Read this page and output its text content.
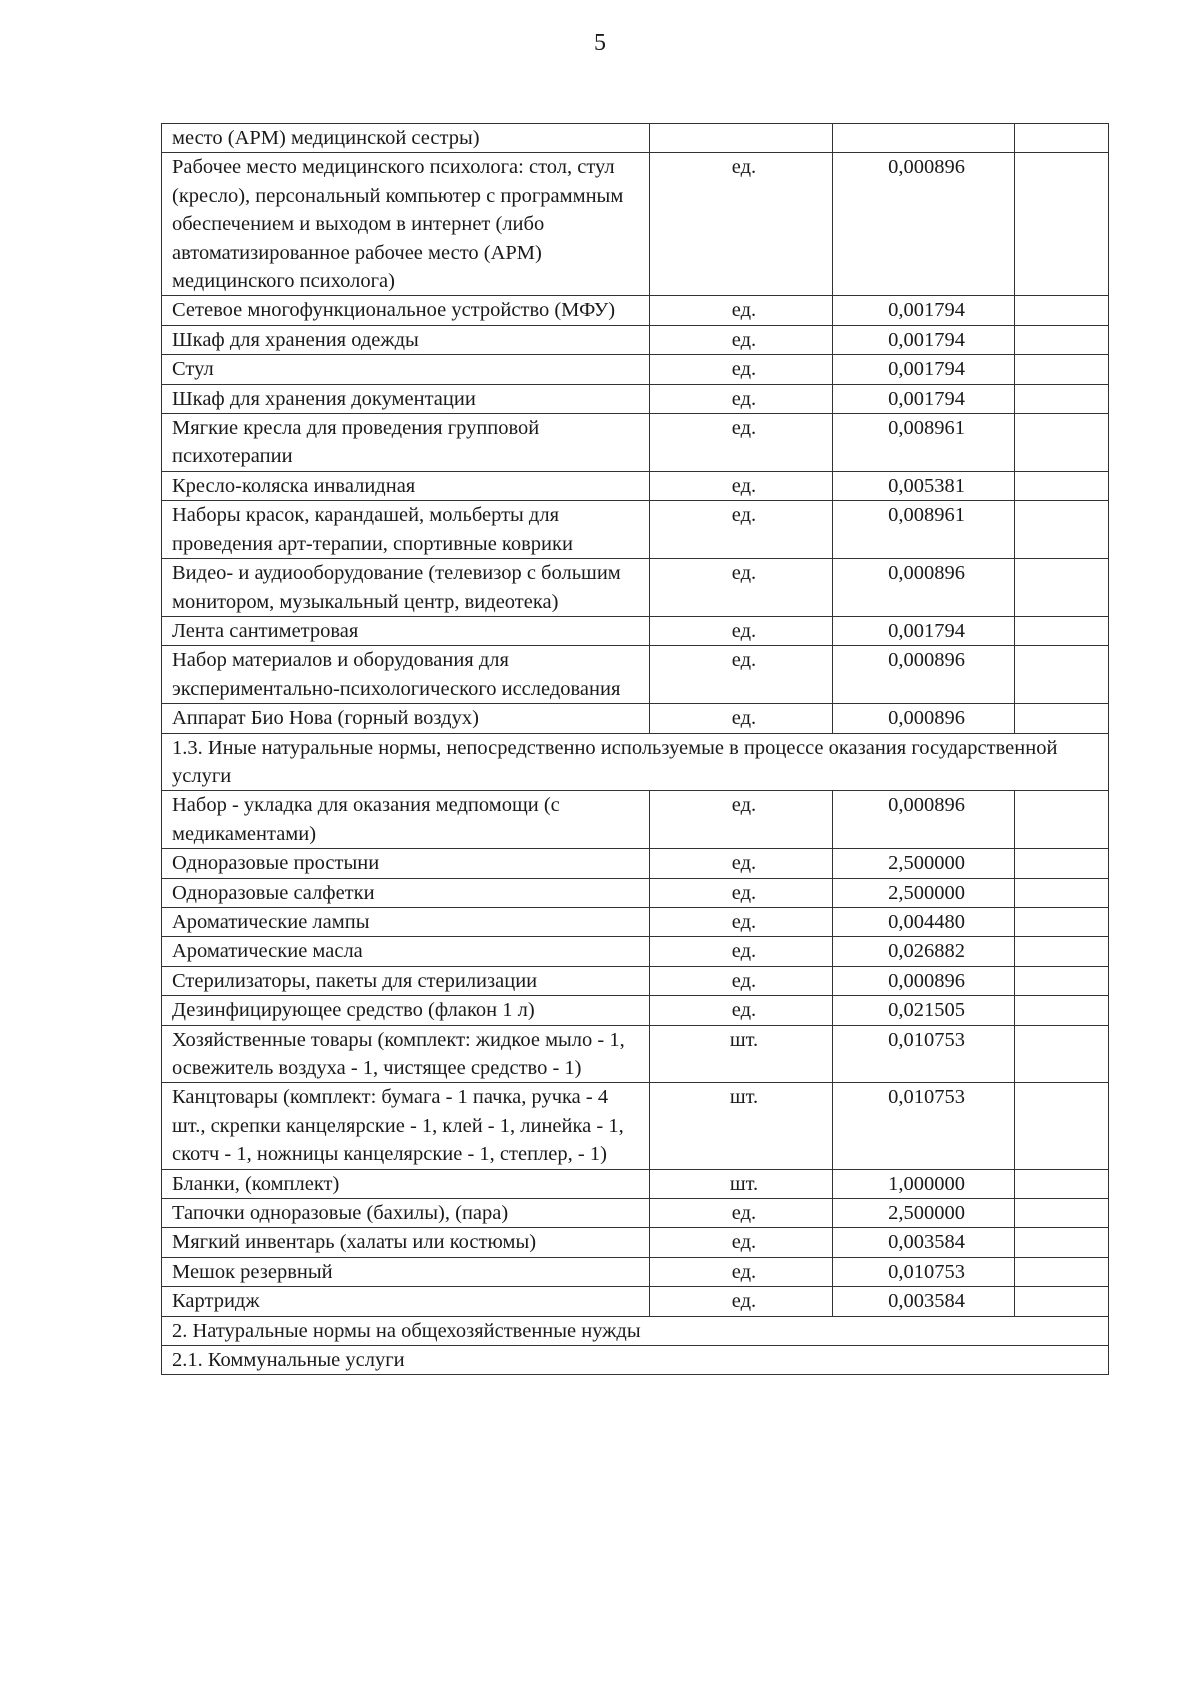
5
место (АРМ) медицинской сестры)			
Рабочее место медицинского психолога: стол, стул (кресло), персональный компьютер с программным обеспечением и выходом в интернет (либо автоматизированное рабочее место (АРМ) медицинского психолога)	ед.	0,000896	
Сетевое многофункциональное устройство (МФУ)	ед.	0,001794	
Шкаф для хранения одежды	ед.	0,001794	
Стул	ед.	0,001794	
Шкаф для хранения документации	ед.	0,001794	
Мягкие кресла для проведения групповой психотерапии	ед.	0,008961	
Кресло-коляска инвалидная	ед.	0,005381	
Наборы красок, карандашей, мольберты для проведения арт-терапии, спортивные коврики	ед.	0,008961	
Видео- и аудиооборудование (телевизор с большим монитором, музыкальный центр, видеотека)	ед.	0,000896	
Лента сантиметровая	ед.	0,001794	
Набор материалов и оборудования для экспериментально-психологического исследования	ед.	0,000896	
Аппарат Био Нова (горный воздух)	ед.	0,000896	
1.3. Иные натуральные нормы, непосредственно используемые в процессе оказания государственной услуги			
Набор - укладка для оказания медпомощи (с медикаментами)	ед.	0,000896	
Одноразовые простыни	ед.	2,500000	
Одноразовые салфетки	ед.	2,500000	
Ароматические лампы	ед.	0,004480	
Ароматические масла	ед.	0,026882	
Стерилизаторы, пакеты для стерилизации	ед.	0,000896	
Дезинфицирующее средство (флакон 1 л)	ед.	0,021505	
Хозяйственные товары (комплект: жидкое мыло - 1, освежитель воздуха - 1, чистящее средство - 1)	шт.	0,010753	
Канцтовары (комплект: бумага - 1 пачка, ручка - 4 шт., скрепки канцелярские - 1, клей - 1, линейка - 1, скотч - 1, ножницы канцелярские - 1, степлер, - 1)	шт.	0,010753	
Бланки, (комплект)	шт.	1,000000	
Тапочки одноразовые (бахилы), (пара)	ед.	2,500000	
Мягкий инвентарь (халаты или костюмы)	ед.	0,003584	
Мешок резервный	ед.	0,010753	
Картридж	ед.	0,003584	
2. Натуральные нормы на общехозяйственные нужды			
2.1. Коммунальные услуги			
